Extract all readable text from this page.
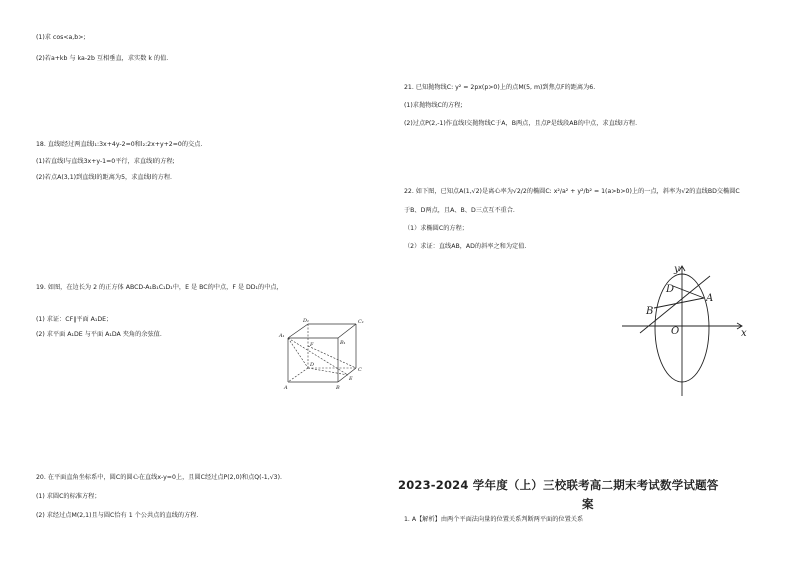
(1)求 cos<a,b>;
(2)若a+kb 与 ka-2b 互相垂直，求实数 k 的值.
18. 直线l经过两直线l₁:3x+4y-2=0和l₂:2x+y+2=0的交点.
(1)若直线l与直线3x+y-1=0平行，求直线l的方程;
(2)若点A(3,1)到直线l的距离为5，求直线l的方程.
19. 如图，在边长为 2 的正方体 ABCD-A₁B₁C₁D₁中，E 是 BC的中点，F 是 DD₁的中点，
(1) 求证：CF∥平面 A₁DE；
(2) 求平面 A₁DE 与平面 A₁DA 夹角的余弦值.	A₁
D₁	C₁
B₁
F
D
C
A	B
E
20. 在平面直角坐标系中，圆C的圆心在直线x-y=0上，且圆C经过点P(2,0)和点Q(-1,√3).
(1) 求圆C的标准方程；
(2) 求经过点M(2,1)且与圆C恰有 1 个公共点的直线的方程.
21. 已知抛物线C: y² = 2px(p>0)上的点M(5, m)到焦点F的距离为6.
(1)求抛物线C的方程;
(2)过点P(2,-1)作直线l交抛物线C于A，B两点，且点P是线段AB的中点，求直线l方程.
22. 如下图，已知点A(1,√2)是离心率为√2/2的椭圆C: x²/a² + y²/b² = 1(a>b>0)上的一点，斜率为√2的直线BD交椭圆C
于B、D两点，且A、B、D三点互不重合.
（1）求椭圆C的方程；
（2）求证：直线AB，AD的斜率之和为定值.
y
D
A
B
O	x
2023-2024 学年度（上）三校联考高二期末考试数学试题答
案
1. A【解析】由两个平面法向量的位置关系判断两平面的位置关系
